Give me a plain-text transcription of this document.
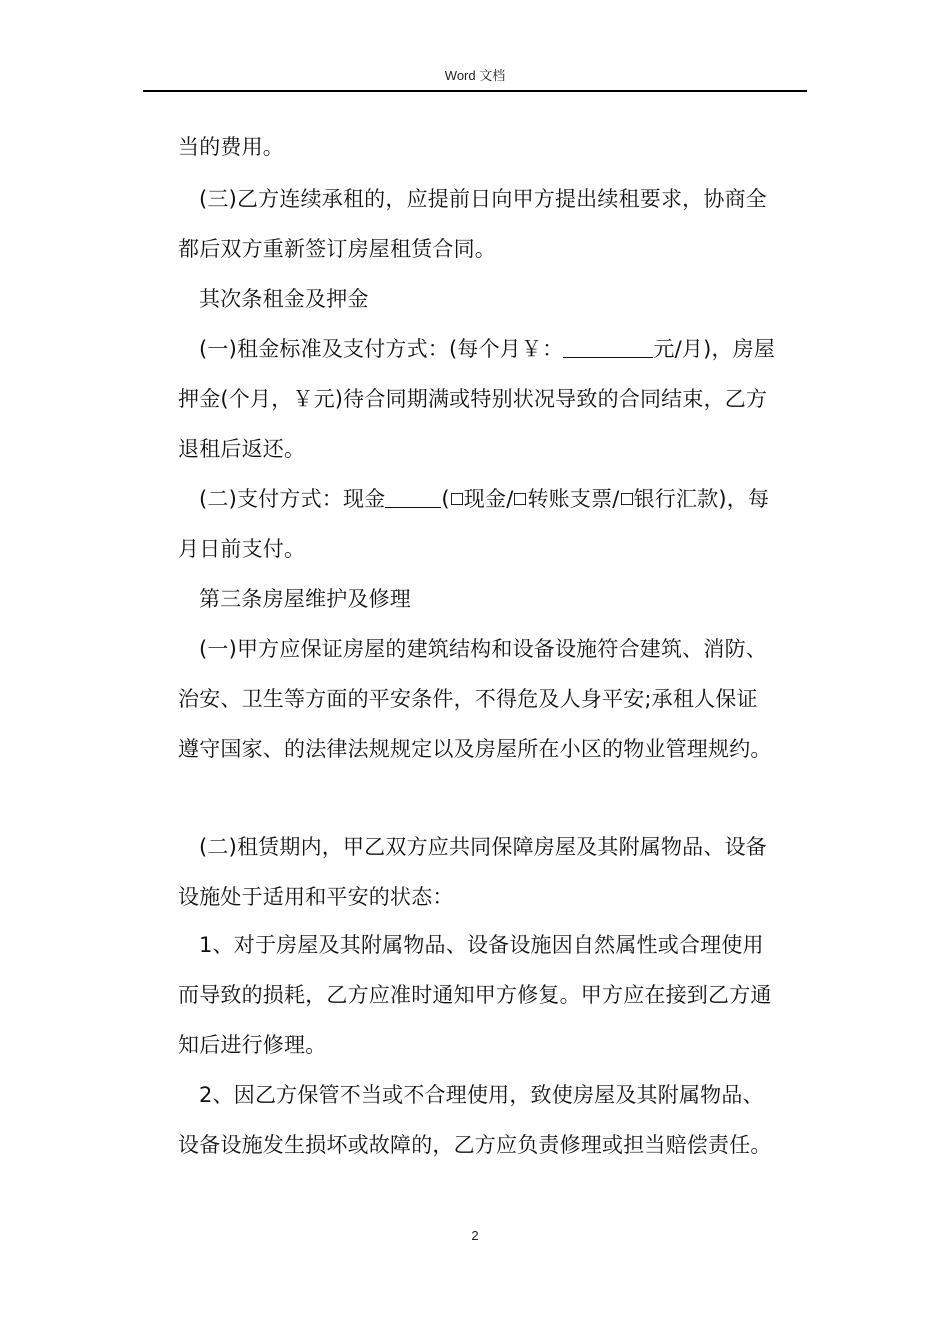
Word 文档
当的费用。
(三)乙方连续承租的，应提前日向甲方提出续租要求，协商全
都后双方重新签订房屋租赁合同。
其次条租金及押金
(一)租金标准及支付方式：(每个月￥：	元/月)，房屋
押金(个月，￥元)待合同期满或特别状况导致的合同结束，乙方
退租后返还。
(二)支付方式：现金	( 现金/ 转账支票/ 银行汇款)，每
月日前支付。
第三条房屋维护及修理
(一)甲方应保证房屋的建筑结构和设备设施符合建筑、消防、
治安、卫生等方面的平安条件，不得危及人身平安;承租人保证
遵守国家、的法律法规规定以及房屋所在小区的物业管理规约。
(二)租赁期内，甲乙双方应共同保障房屋及其附属物品、设备
设施处于适用和平安的状态：
1、对于房屋及其附属物品、设备设施因自然属性或合理使用
而导致的损耗，乙方应准时通知甲方修复。甲方应在接到乙方通
知后进行修理。
2、因乙方保管不当或不合理使用，致使房屋及其附属物品、
设备设施发生损坏或故障的，乙方应负责修理或担当赔偿责任。
2
